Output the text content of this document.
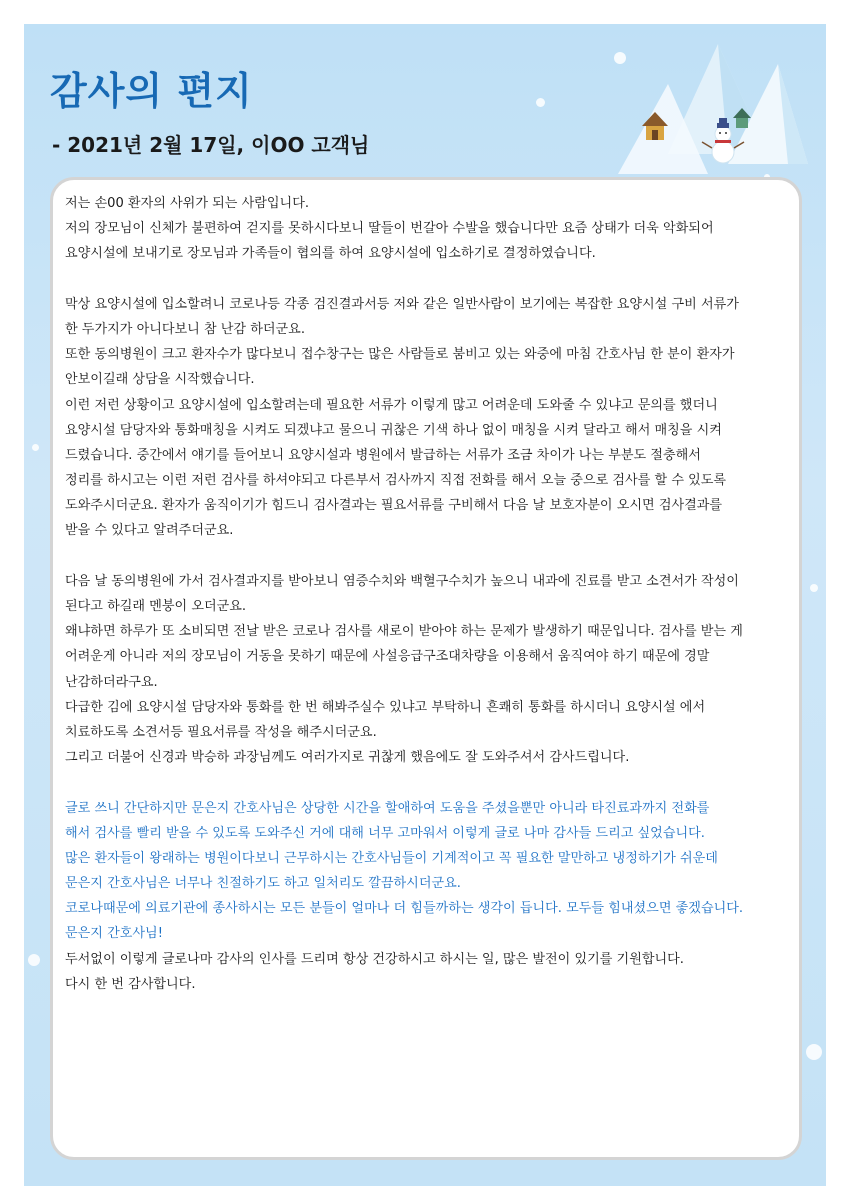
감사의 편지
- 2021년 2월 17일, 이OO 고객님
저는 손00 환자의 사위가 되는 사람입니다.
저의 장모님이 신체가 불편하여 걷지를 못하시다보니 딸들이 번갈아 수발을 했습니다만 요즘 상태가 더욱 악화되어
요양시설에 보내기로 장모님과 가족들이 협의를 하여 요양시설에 입소하기로 결정하였습니다.
막상 요양시설에 입소할려니 코로나등 각종 검진결과서등 저와 같은 일반사람이 보기에는 복잡한 요양시설 구비 서류가
한 두가지가 아니다보니 참 난감 하더군요.
또한 동의병원이 크고 환자수가 많다보니 접수창구는 많은 사람들로 붐비고 있는 와중에 마침 간호사님 한 분이 환자가
안보이길래 상담을 시작했습니다.
이런 저런 상황이고 요양시설에 입소할려는데 필요한 서류가 이렇게 많고 어려운데 도와줄 수 있냐고 문의를 했더니
요양시설 담당자와 통화매칭을 시켜도 되겠냐고 물으니 귀찮은 기색 하나 없이 매칭을 시켜 달라고 해서 매칭을 시켜
드렸습니다. 중간에서 얘기를 들어보니 요양시설과 병원에서 발급하는 서류가 조금 차이가 나는 부분도 절충해서
정리를 하시고는 이런 저런 검사를 하셔야되고 다른부서 검사까지 직접 전화를 해서 오늘 중으로 검사를 할 수 있도록
도와주시더군요. 환자가 움직이기가 힘드니 검사결과는 필요서류를 구비해서 다음 날 보호자분이 오시면 검사결과를
받을 수 있다고 알려주더군요.
다음 날 동의병원에 가서 검사결과지를 받아보니 염증수치와 백혈구수치가 높으니 내과에 진료를 받고 소견서가 작성이
된다고 하길래 멘붕이 오더군요.
왜냐하면 하루가 또 소비되면 전날 받은 코로나 검사를 새로이 받아야 하는 문제가 발생하기 때문입니다. 검사를 받는 게
어려운게 아니라 저의 장모님이 거동을 못하기 때문에 사설응급구조대차량을 이용해서 움직여야 하기 때문에 경말
난감하더라구요.
다급한 김에 요양시설 담당자와 통화를 한 번 해봐주실수 있냐고 부탁하니 흔쾌히 통화를 하시더니 요양시설 에서
치료하도록 소견서등 필요서류를 작성을 해주시더군요.
그리고 더불어 신경과 박승하 과장님께도 여러가지로 귀찮게 했음에도 잘 도와주셔서 감사드립니다.
글로 쓰니 간단하지만 문은지 간호사님은 상당한 시간을 할애하여 도움을 주셨을뿐만 아니라 타진료과까지 전화를
해서 검사를 빨리 받을 수 있도록 도와주신 거에 대해 너무 고마워서 이렇게 글로 나마 감사들 드리고 싶었습니다.
많은 환자들이 왕래하는 병원이다보니 근무하시는 간호사님들이 기계적이고 꼭 필요한 말만하고 냉정하기가 쉬운데
문은지 간호사님은 너무나 친절하기도 하고 일처리도 깔끔하시더군요.
코로나때문에 의료기관에 종사하시는 모든 분들이 얼마나 더 힘들까하는 생각이 듭니다. 모두들 힘내셨으면 좋겠습니다.
문은지 간호사님!
두서없이 이렇게 글로나마 감사의 인사를 드리며 항상 건강하시고 하시는 일, 많은 발전이 있기를 기원합니다.
다시 한 번 감사합니다.
